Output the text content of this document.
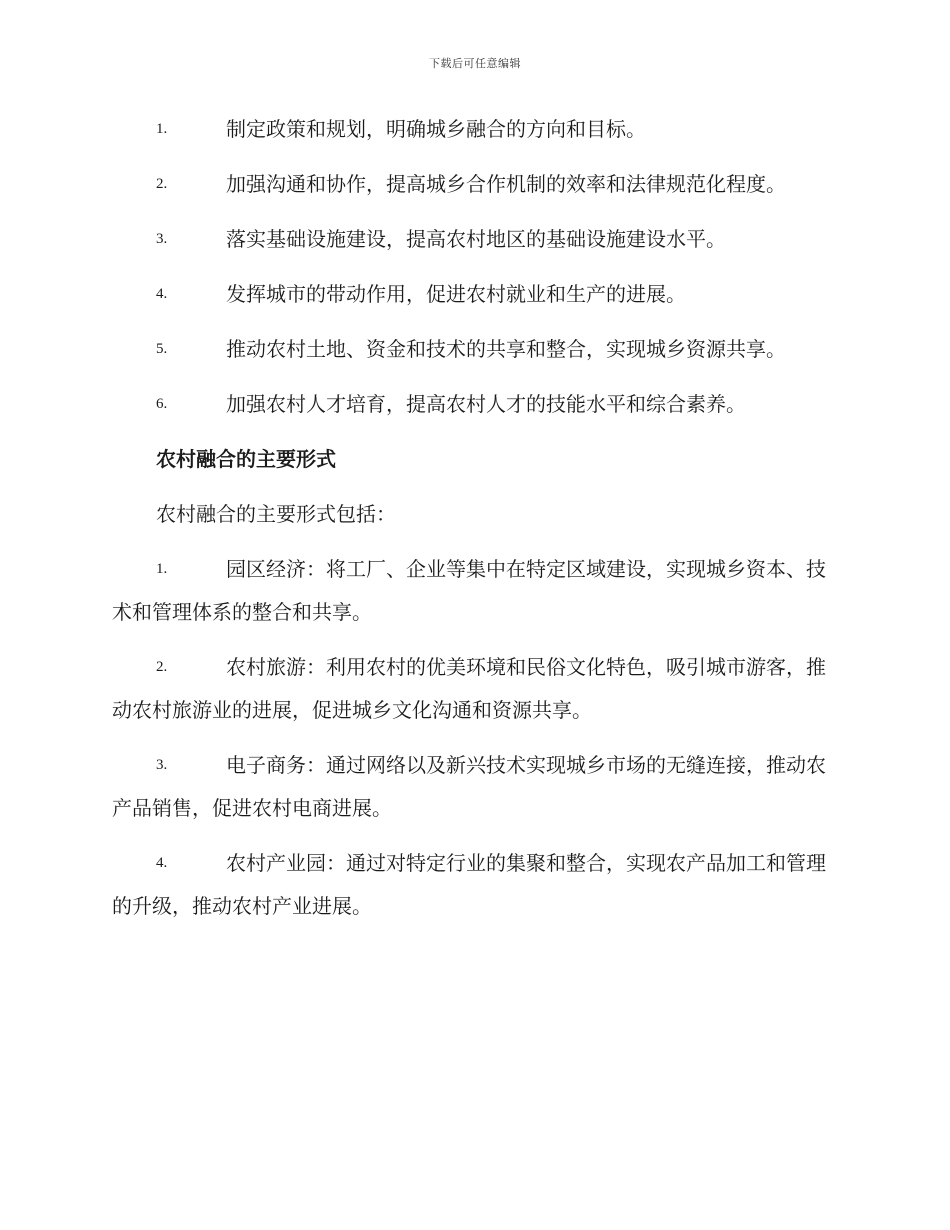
下载后可任意编辑
1.	制定政策和规划，明确城乡融合的方向和目标。
2.	加强沟通和协作，提高城乡合作机制的效率和法律规范化程度。
3.	落实基础设施建设，提高农村地区的基础设施建设水平。
4.	发挥城市的带动作用，促进农村就业和生产的进展。
5.	推动农村土地、资金和技术的共享和整合，实现城乡资源共享。
6.	加强农村人才培育，提高农村人才的技能水平和综合素养。
农村融合的主要形式
农村融合的主要形式包括：
1.	园区经济：将工厂、企业等集中在特定区域建设，实现城乡资本、技术和管理体系的整合和共享。
2.	农村旅游：利用农村的优美环境和民俗文化特色，吸引城市游客，推动农村旅游业的进展，促进城乡文化沟通和资源共享。
3.	电子商务：通过网络以及新兴技术实现城乡市场的无缝连接，推动农产品销售，促进农村电商进展。
4.	农村产业园：通过对特定行业的集聚和整合，实现农产品加工和管理的升级，推动农村产业进展。
